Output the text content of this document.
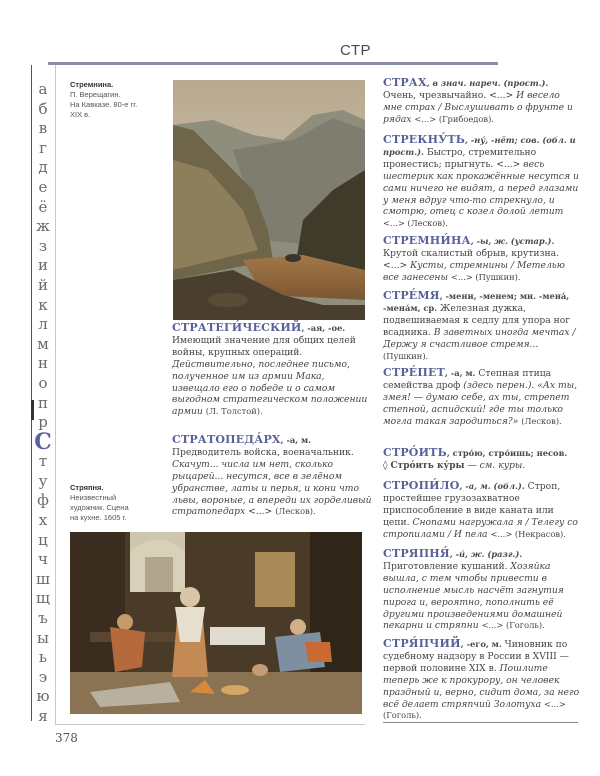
СТР
а
б
в
г
д
е
ё
ж
з
и
й
к
л
м
н
о
п
р
С
т
у
ф
х
ц
ч
ш
щ
ъ
ы
ь
э
ю
я
Стремнина.
П. Верещагин.
На Кавказе. 80-е гг.
XIX в.
Стряпня.
Неизвестный
художник. Сцена
на кухне. 1605 г.

СТРАТЕГИ́ЧЕСКИЙ, -ая, -ое. Имеющий значение для общих целей войны, крупных операций. Действительно, последнее письмо, полученное им из армии Мака, извещало его о победе и о самом выгодном стратегическом положении армии (Л. Толстой).

СТРАТОПЕДА́РХ, -а, м. Предводитель войска, военачальник. Скачут... числа им нет, сколько рыцарей... несутся, все в зелёном убранстве, латы и перья, и кони что львы, вороные, а впереди их горделивый стратопедарх <...> (Лесков).

СТРАХ, в знач. нареч. (прост.). Очень, чрезвычайно. <...> И весело мне страх / Выслушивать о фрунте и рядах <...> (Грибоедов).

СТРЕКНУ́ТЬ, -ну́, -нёт; сов. (обл. и прост.). Быстро, стремительно пронестись; прыгнуть. <...> весь шестерик как прокажённые несутся и сами ничего не видят, а перед глазами у меня вдруг что-то стрекнуло, и смотрю, отец с козел долой летит <...> (Лесков).

СТРЕМНИ́НА, -ы, ж. (устар.). Крутой скалистый обрыв, крутизна. <...> Кусты, стремнины / Метелью все занесены <...> (Пушкин).

СТРЕ́МЯ, -мени, -менем; мн. -мена́, -мена́м, ср. Железная дужка, подвешиваемая к седлу для упора ног всадника. В заветных иногда мечтах / Держу я счастливое стремя... (Пушкин).

СТРЕ́ПЕТ, -а, м. Степная птица семейства дроф (здесь перен.). «Ах ты, змея! — думаю себе, ах ты, стрепет степной, аспидский! где ты только могла такая зародиться?» (Лесков).

СТРО́ИТЬ, стро́ю, стро́ишь; несов.

◊ Стро́ить ку́ры — см. куры.

СТРОПИ́ЛО, -а, м. (обл.). Строп, простейшее грузозахватное приспособление в виде каната или цепи. Снопами нагружала я / Телегу со стропилами / И пела <...> (Некрасов).

СТРЯПНЯ́, -и́, ж. (разг.). Приготовление кушаний. Хозяйка вышла, с тем чтобы привести в исполнение мысль насчёт загнутия пирога и, вероятно, пополнить её другими произведениями домашней пекарни и стряпни <...> (Гоголь).

СТРЯ́ПЧИЙ, -его, м. Чиновник по судебному надзору в России в XVIII — первой половине XIX в. Пошлите теперь же к прокурору, он человек праздный и, верно, сидит дома, за него всё делает стряпчий Золотуха <...> (Гоголь).

378
